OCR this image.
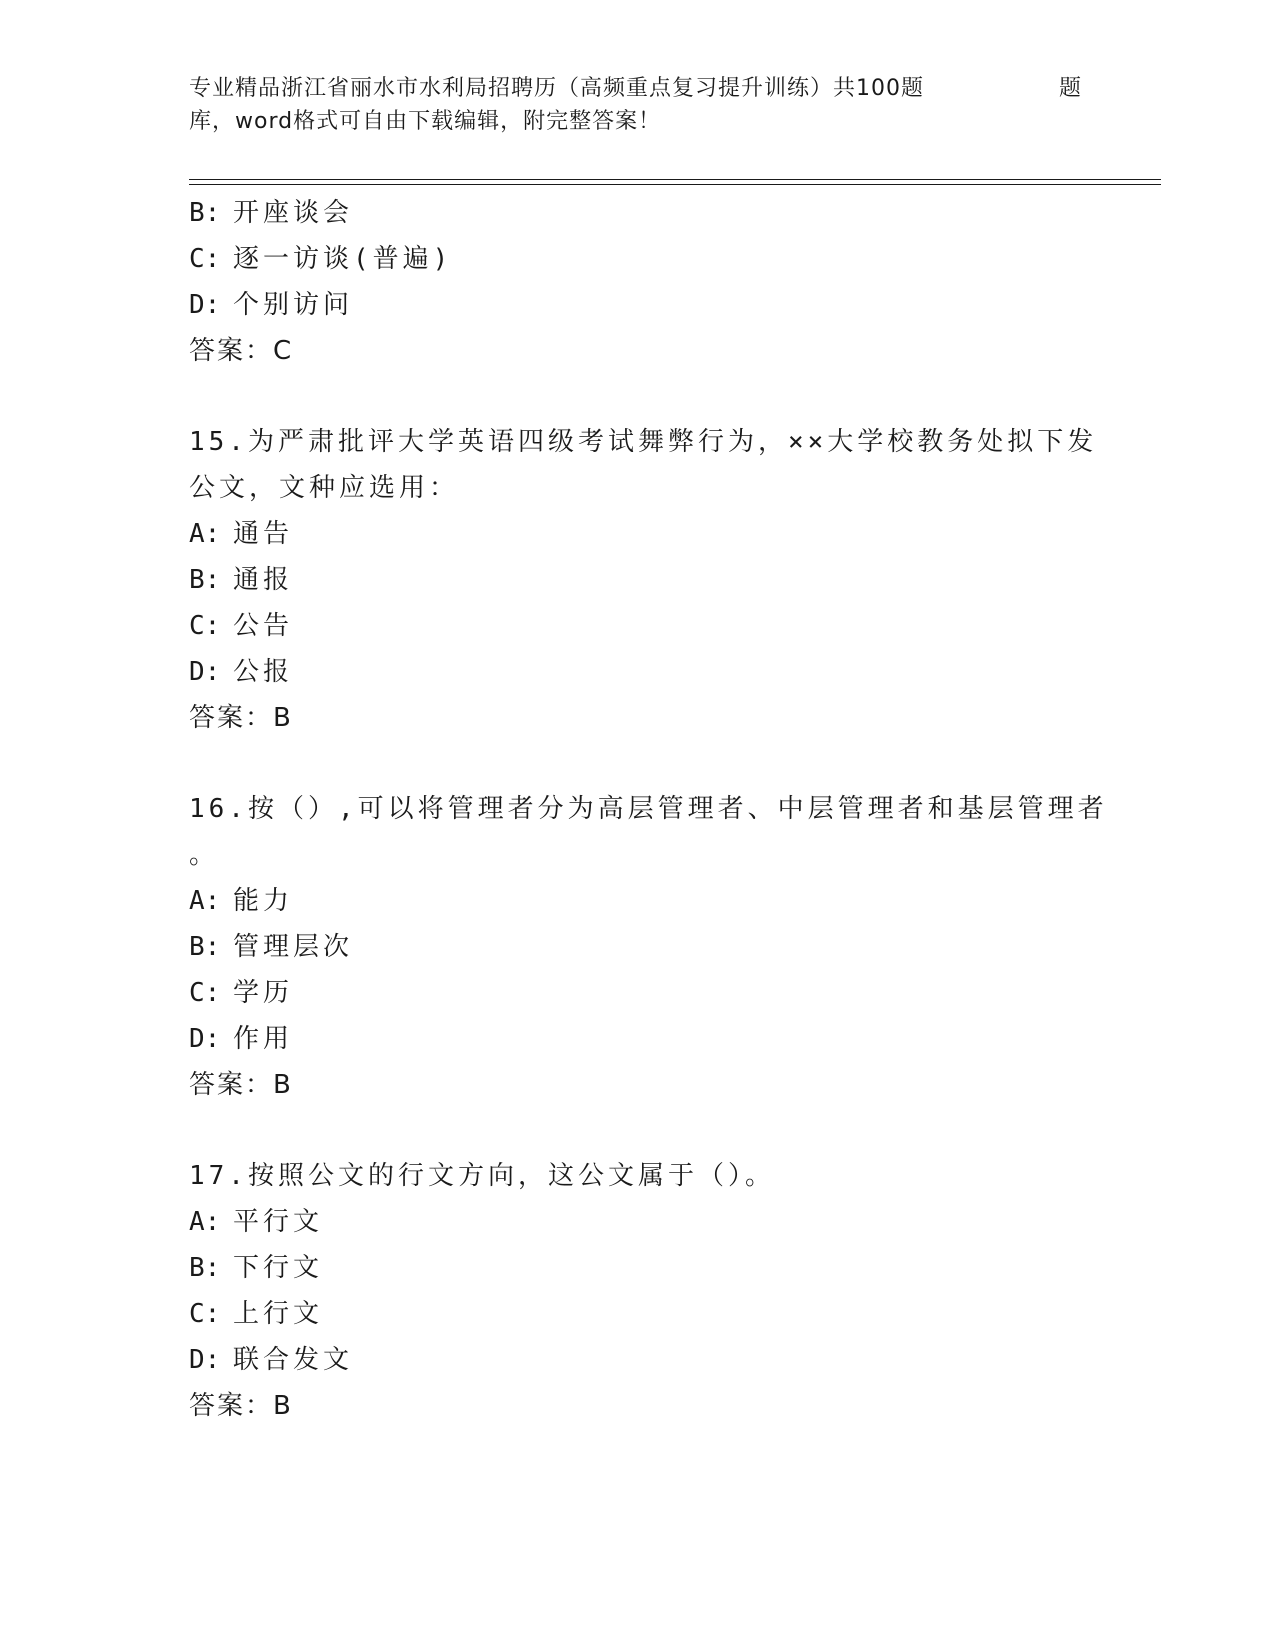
专业精品浙江省丽水市水利局招聘历（高频重点复习提升训练）共100题	题
库，word格式可自由下载编辑，附完整答案！
B: 开座谈会
C: 逐一访谈(普遍)
D: 个别访问
答案：C
15.为严肃批评大学英语四级考试舞弊行为，××大学校教务处拟下发
公文，文种应选用：
A: 通告
B: 通报
C: 公告
D: 公报
答案：B
16.按（）,可以将管理者分为高层管理者、中层管理者和基层管理者
。
A: 能力
B: 管理层次
C: 学历
D: 作用
答案：B
17.按照公文的行文方向，这公文属于（）。
A: 平行文
B: 下行文
C: 上行文
D: 联合发文
答案：B
